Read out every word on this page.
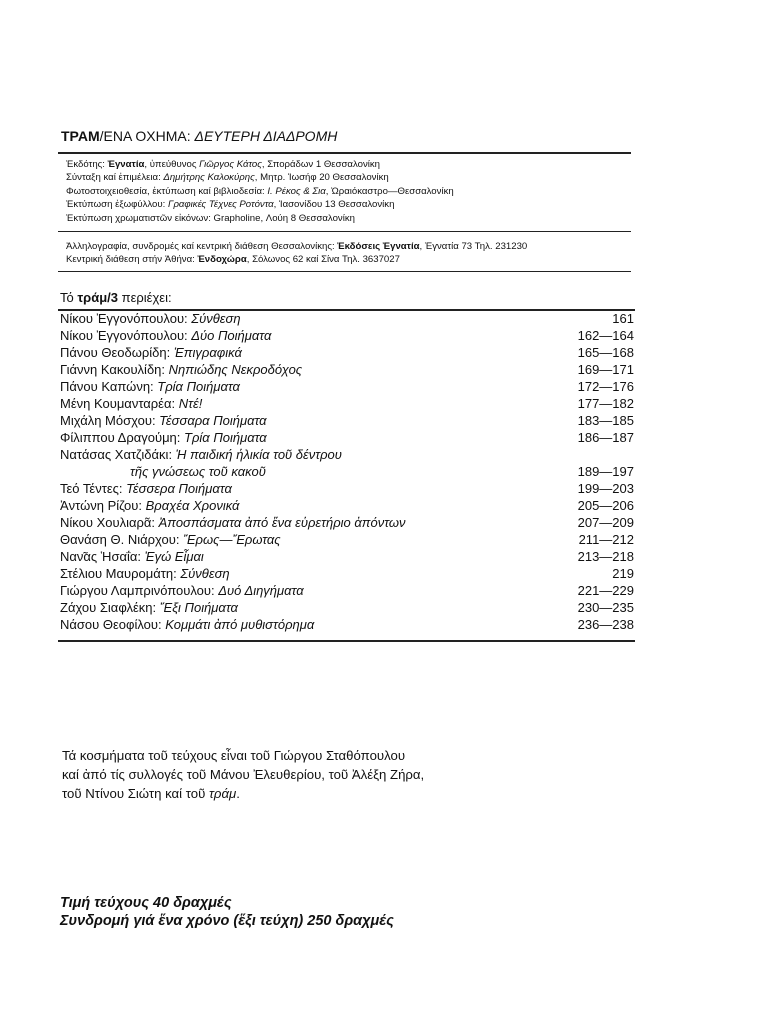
ΤΡΑΜ/ΕΝΑ ΟΧΗΜΑ: ΔΕΥΤΕΡΗ ΔΙΑΔΡΟΜΗ
Ἐκδότης: Ἐγνατία, ὑπεύθυνος Γιῶργος Κάτος, Σποράδων 1 Θεσσαλονίκη
Σύνταξη καί ἐπιμέλεια: Δημήτρης Καλοκύρης, Μητρ. Ἰωσήφ 20 Θεσσαλονίκη
Φωτοστοιχειοθεσία, ἐκτύπωση καί βιβλιοδεσία: Ι. Ρέκος & Σια, Ὡραιόκαστρο—Θεσσαλονίκη
Ἐκτύπωση ἐξωφύλλου: Γραφικές Τέχνες Ροτόντα, Ἰασονίδου 13 Θεσσαλονίκη
Ἐκτύπωση χρωματιστῶν εἰκόνων: Grapholine, Λούη 8 Θεσσαλονίκη
Ἀλληλογραφία, συνδρομές καί κεντρική διάθεση Θεσσαλονίκης: Ἐκδόσεις Ἐγνατία, Ἐγνατία 73 Τηλ. 231230
Κεντρική διάθεση στήν Ἀθήνα: Ἐνδοχώρα, Σόλωνος 62 καί Σίνα Τηλ. 3637027
Τό τράμ/3 περιέχει:
Νίκου Ἐγγονόπουλου: Σύνθεση	161
Νίκου Ἐγγονόπουλου: Δύο Ποιήματα	162—164
Πάνου Θεοδωρίδη: Ἐπιγραφικά	165—168
Γιάννη Κακουλίδη: Νηπιώδης Νεκροδόχος	169—171
Πάνου Καπώνη: Τρία Ποιήματα	172—176
Μένη Κουμανταρέα: Ντέ!	177—182
Μιχάλη Μόσχου: Τέσσαρα Ποιήματα	183—185
Φίλιππου Δραγούμη: Τρία Ποιήματα	186—187
Νατάσας Χατζιδάκι: Ἡ παιδική ἡλικία τοῦ δέντρου
τῆς γνώσεως τοῦ κακοῦ	189—197
Τεό Τέντες: Τέσσερα Ποιήματα	199—203
Ἀντώνη Ρίζου: Βραχέα Χρονικά	205—206
Νίκου Χουλιαρᾶ: Ἀποσπάσματα ἀπό ἕνα εὑρετήριο ἀπόντων	207—209
Θανάση Θ. Νιάρχου: Ἔρως—Ἔρωτας	211—212
Ναν̃ας Ἡσαΐα: Ἐγώ Εἶμαι	213—218
Στέλιου Μαυρομάτη: Σύνθεση	219
Γιώργου Λαμπρινόπουλου: Δυό Διηγήματα	221—229
Ζάχου Σιαφλέκη: Ἔξι Ποιήματα	230—235
Νάσου Θεοφίλου: Κομμάτι ἀπό μυθιστόρημα	236—238
Τά κοσμήματα τοῦ τεύχους εἶναι τοῦ Γιώργου Σταθόπουλου
καί ἀπό τίς συλλογές τοῦ Μάνου Ἐλευθερίου, τοῦ Ἀλέξη Ζήρα,
τοῦ Ντίνου Σιώτη καί τοῦ τράμ.
Τιμή τεύχους 40 δραχμές
Συνδρομή γιά ἕνα χρόνο (ἕξι τεύχη) 250 δραχμές
